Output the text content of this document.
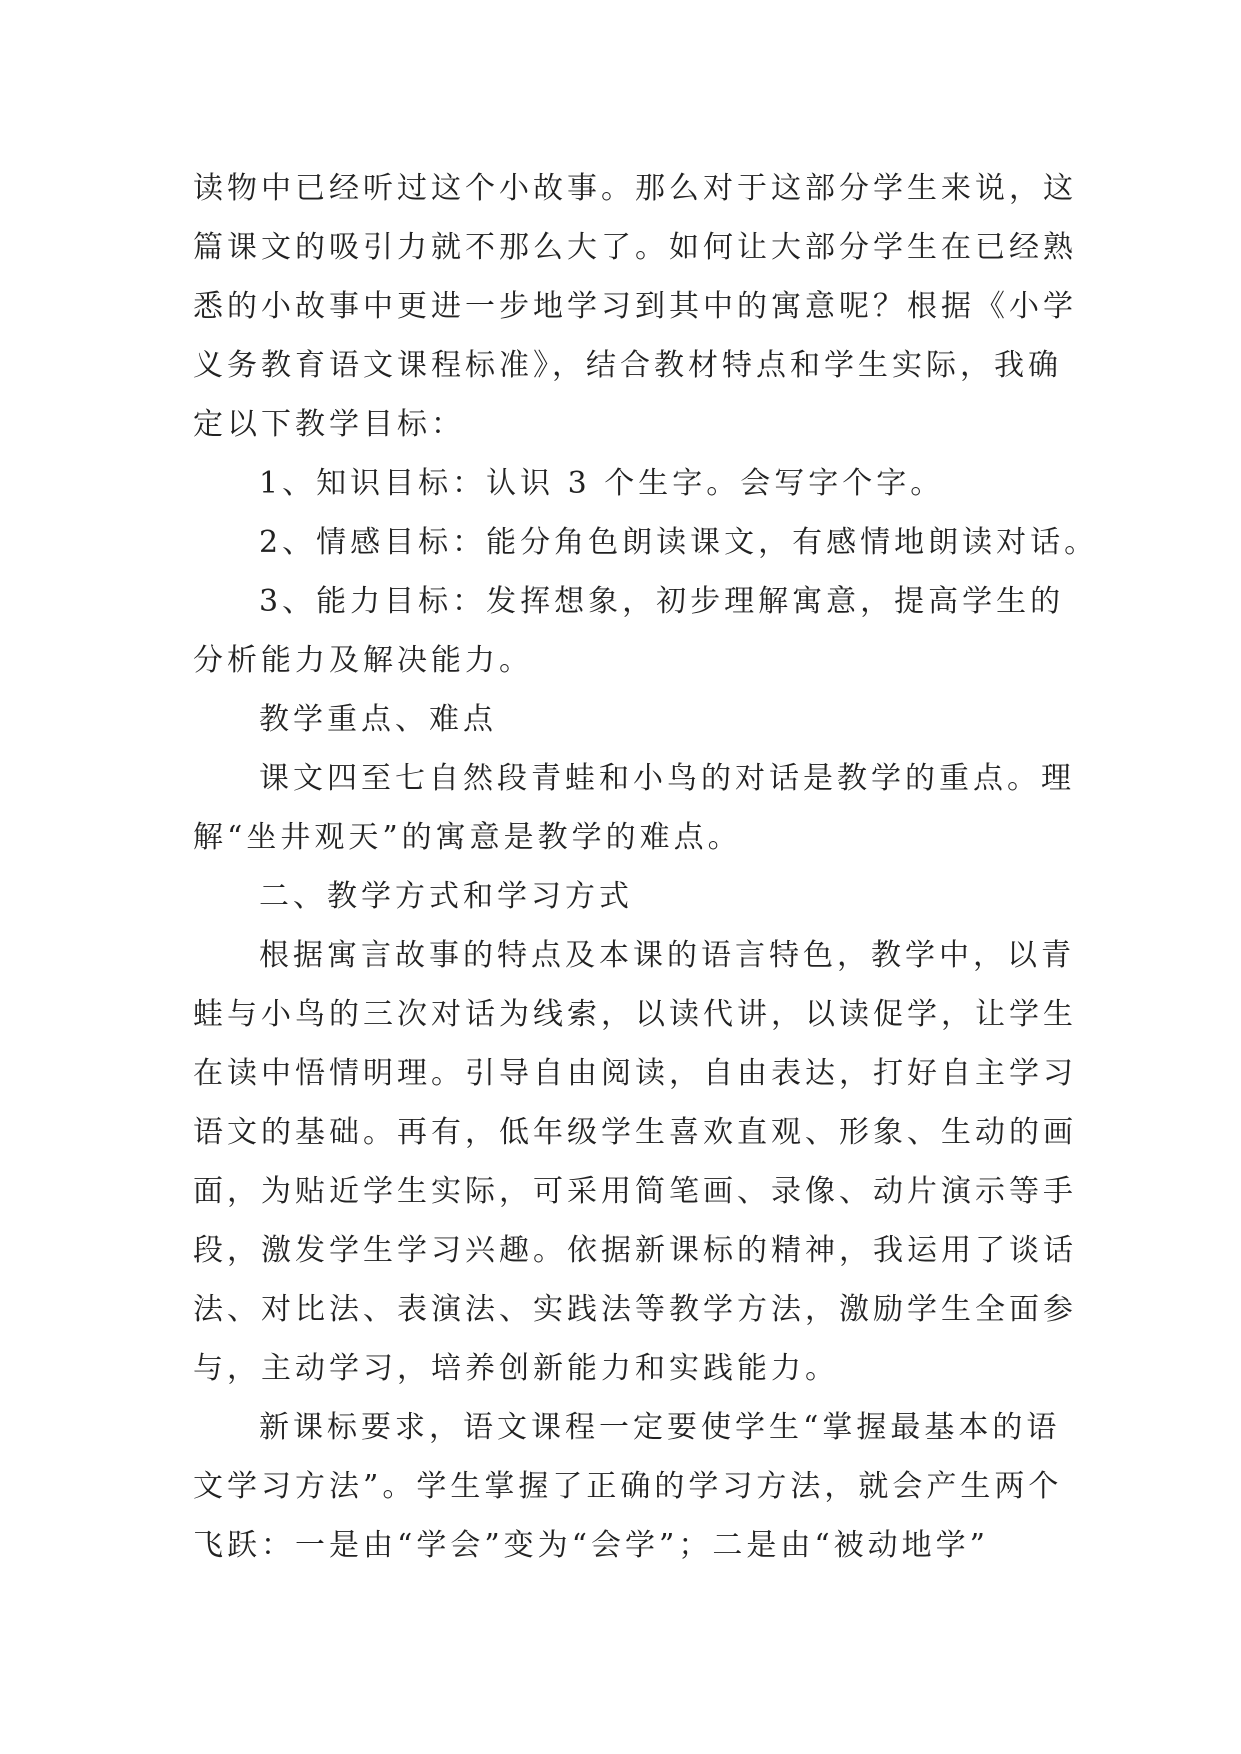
读物中已经听过这个小故事。那么对于这部分学生来说，这

篇课文的吸引力就不那么大了。如何让大部分学生在已经熟

悉的小故事中更进一步地学习到其中的寓意呢？根据《小学

义务教育语文课程标准》，结合教材特点和学生实际，我确

定以下教学目标：

1、知识目标：认识 3 个生字。会写字个字。

2、情感目标：能分角色朗读课文，有感情地朗读对话。

3、能力目标：发挥想象，初步理解寓意，提高学生的

分析能力及解决能力。

教学重点、难点

课文四至七自然段青蛙和小鸟的对话是教学的重点。理

解“坐井观天”的寓意是教学的难点。

二、教学方式和学习方式

根据寓言故事的特点及本课的语言特色，教学中，以青

蛙与小鸟的三次对话为线索，以读代讲，以读促学，让学生

在读中悟情明理。引导自由阅读，自由表达，打好自主学习

语文的基础。再有，低年级学生喜欢直观、形象、生动的画

面，为贴近学生实际，可采用简笔画、录像、动片演示等手

段，激发学生学习兴趣。依据新课标的精神，我运用了谈话

法、对比法、表演法、实践法等教学方法，激励学生全面参

与，主动学习，培养创新能力和实践能力。

新课标要求，语文课程一定要使学生“掌握最基本的语

文学习方法”。学生掌握了正确的学习方法，就会产生两个

飞跃：一是由“学会”变为“会学”；二是由“被动地学”
